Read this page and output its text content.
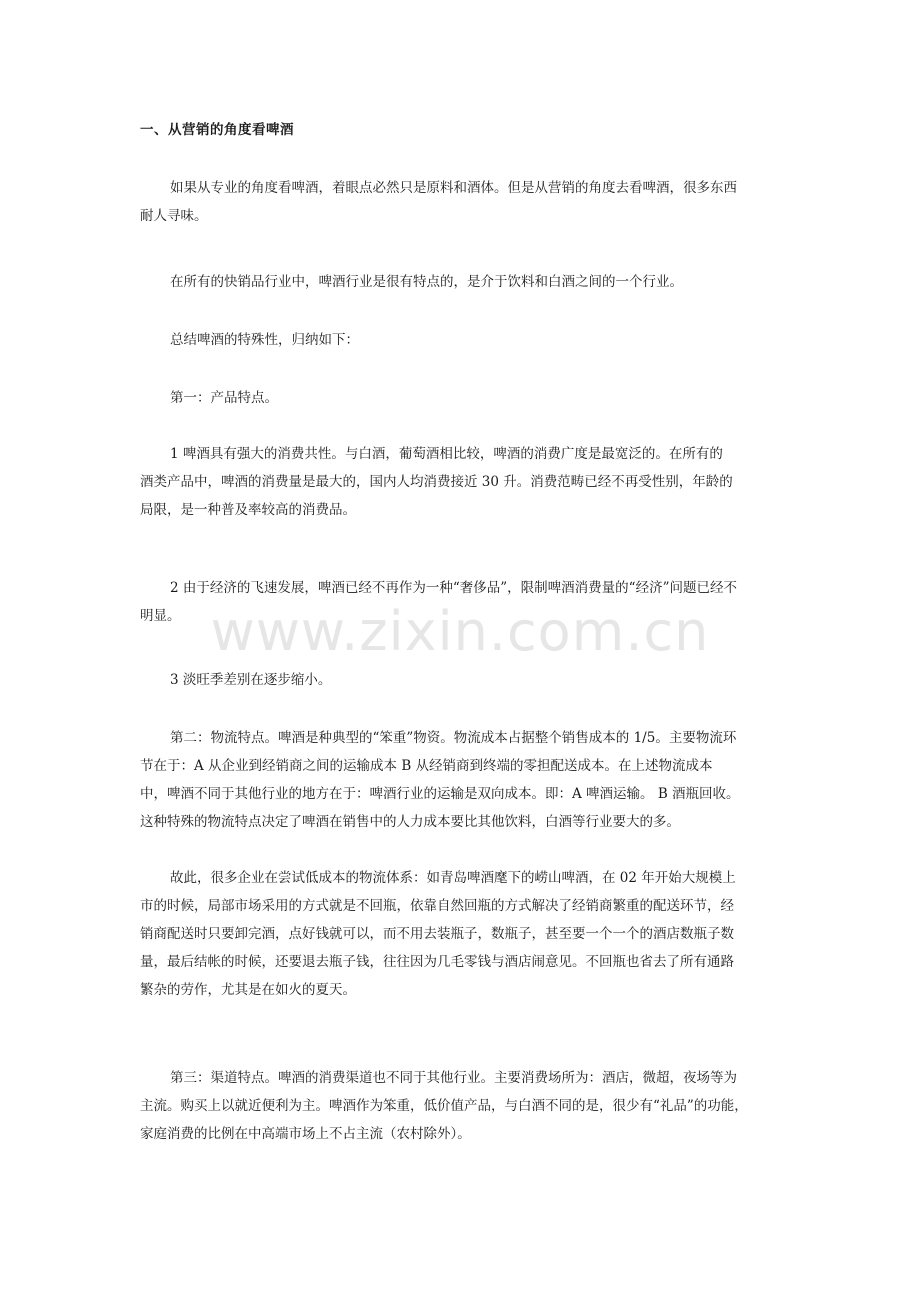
一、从营销的角度看啤酒
如果从专业的角度看啤酒，着眼点必然只是原料和酒体。但是从营销的角度去看啤酒，很多东西
耐人寻味。
在所有的快销品行业中，啤酒行业是很有特点的，是介于饮料和白酒之间的一个行业。
总结啤酒的特殊性，归纳如下：
第一：产品特点。
1 啤酒具有强大的消费共性。与白酒，葡萄酒相比较，啤酒的消费广度是最宽泛的。在所有的
酒类产品中，啤酒的消费量是最大的，国内人均消费接近 30 升。消费范畴已经不再受性别，年龄的
局限，是一种普及率较高的消费品。
2 由于经济的飞速发展，啤酒已经不再作为一种“奢侈品”，限制啤酒消费量的“经济”问题已经不
明显。
3 淡旺季差别在逐步缩小。
第二：物流特点。啤酒是种典型的“笨重”物资。物流成本占据整个销售成本的 1/5。主要物流环
节在于：A 从企业到经销商之间的运输成本 B 从经销商到终端的零担配送成本。在上述物流成本
中，啤酒不同于其他行业的地方在于：啤酒行业的运输是双向成本。即：A 啤酒运输。 B 酒瓶回收。
这种特殊的物流特点决定了啤酒在销售中的人力成本要比其他饮料，白酒等行业要大的多。
故此，很多企业在尝试低成本的物流体系：如青岛啤酒麾下的崂山啤酒，在 02 年开始大规模上
市的时候，局部市场采用的方式就是不回瓶，依靠自然回瓶的方式解决了经销商繁重的配送环节，经
销商配送时只要卸完酒，点好钱就可以，而不用去装瓶子，数瓶子，甚至要一个一个的酒店数瓶子数
量，最后结帐的时候，还要退去瓶子钱，往往因为几毛零钱与酒店闹意见。不回瓶也省去了所有通路
繁杂的劳作，尤其是在如火的夏天。
第三：渠道特点。啤酒的消费渠道也不同于其他行业。主要消费场所为：酒店，微超，夜场等为
主流。购买上以就近便利为主。啤酒作为笨重，低价值产品，与白酒不同的是，很少有“礼品”的功能，
家庭消费的比例在中高端市场上不占主流（农村除外）。
www.zixin.com.cn
